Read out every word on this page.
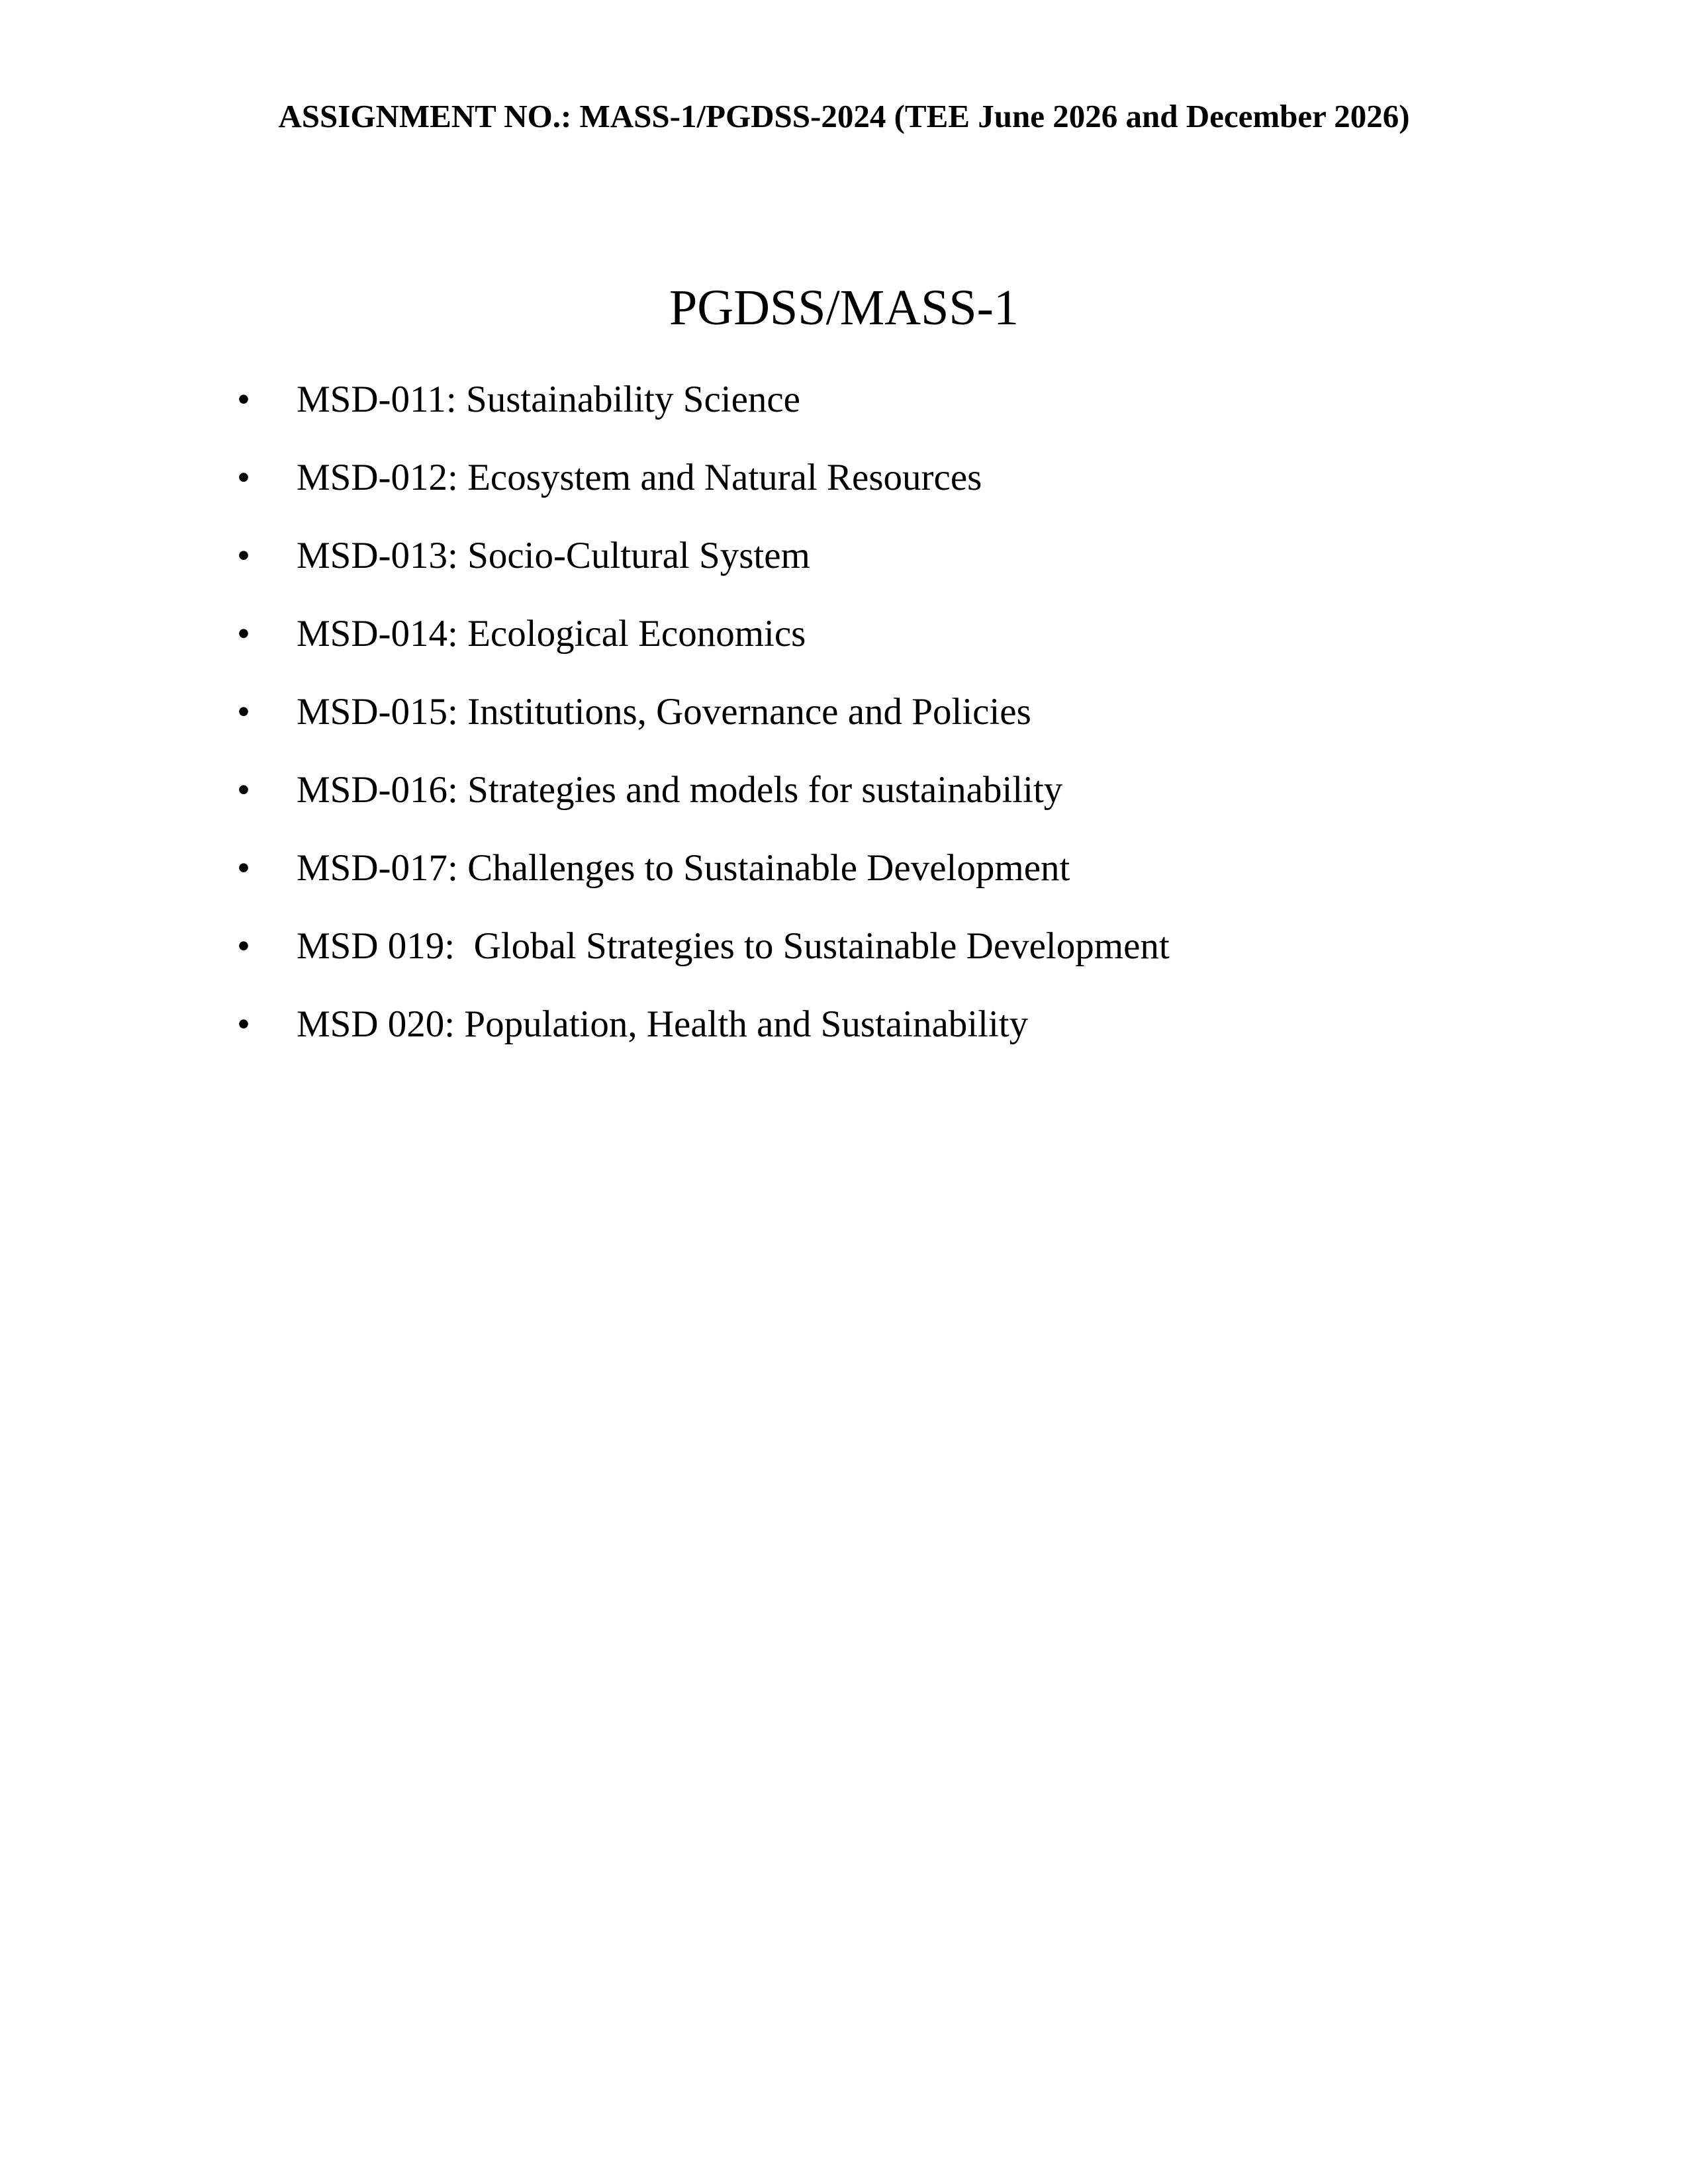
ASSIGNMENT NO.: MASS-1/PGDSS-2024 (TEE June 2026 and December 2026)
PGDSS/MASS-1
•
MSD-011: Sustainability Science
•
MSD-012: Ecosystem and Natural Resources
•
MSD-013: Socio-Cultural System
•
MSD-014: Ecological Economics
•
MSD-015: Institutions, Governance and Policies
•
MSD-016: Strategies and models for sustainability
•
MSD-017: Challenges to Sustainable Development
•
MSD 019:  Global Strategies to Sustainable Development
•
MSD 020: Population, Health and Sustainability
